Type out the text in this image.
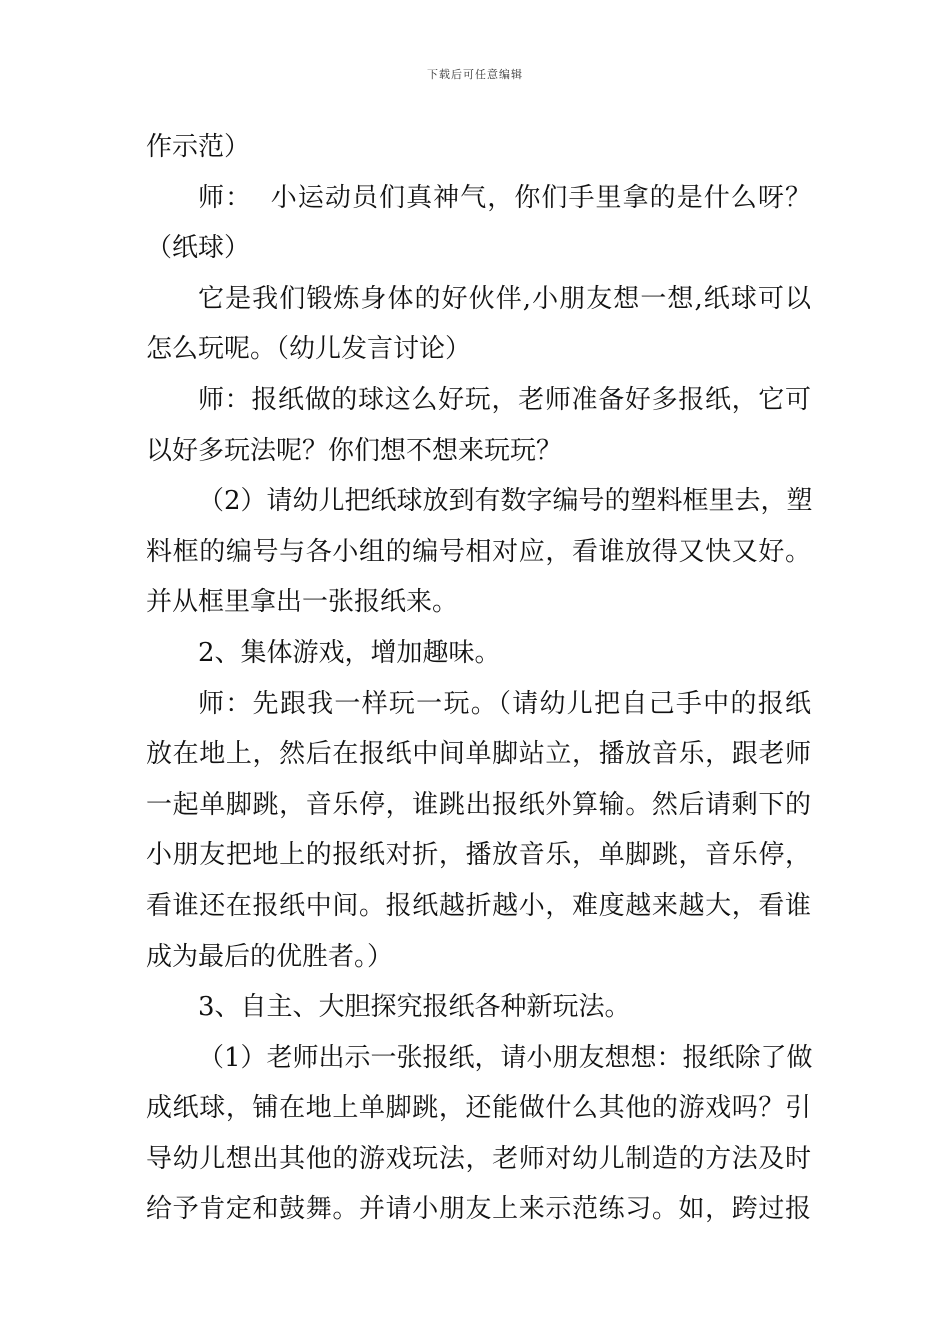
下载后可任意编辑
作示范）
师：  小运动员们真神气，你们手里拿的是什么呀？
（纸球）
它是我们锻炼身体的好伙伴,小朋友想一想,纸球可以
怎么玩呢。（幼儿发言讨论）
师：报纸做的球这么好玩，老师准备好多报纸，它可
以好多玩法呢？你们想不想来玩玩？
（2）请幼儿把纸球放到有数字编号的塑料框里去，塑
料框的编号与各小组的编号相对应，看谁放得又快又好。
并从框里拿出一张报纸来。
2、集体游戏，增加趣味。
师：先跟我一样玩一玩。（请幼儿把自己手中的报纸
放在地上，然后在报纸中间单脚站立，播放音乐，跟老师
一起单脚跳，音乐停，谁跳出报纸外算输。然后请剩下的
小朋友把地上的报纸对折，播放音乐，单脚跳，音乐停，
看谁还在报纸中间。报纸越折越小，难度越来越大，看谁
成为最后的优胜者。）
3、自主、大胆探究报纸各种新玩法。
（1）老师出示一张报纸，请小朋友想想：报纸除了做
成纸球，铺在地上单脚跳，还能做什么其他的游戏吗？引
导幼儿想出其他的游戏玩法，老师对幼儿制造的方法及时
给予肯定和鼓舞。并请小朋友上来示范练习。如，跨过报
